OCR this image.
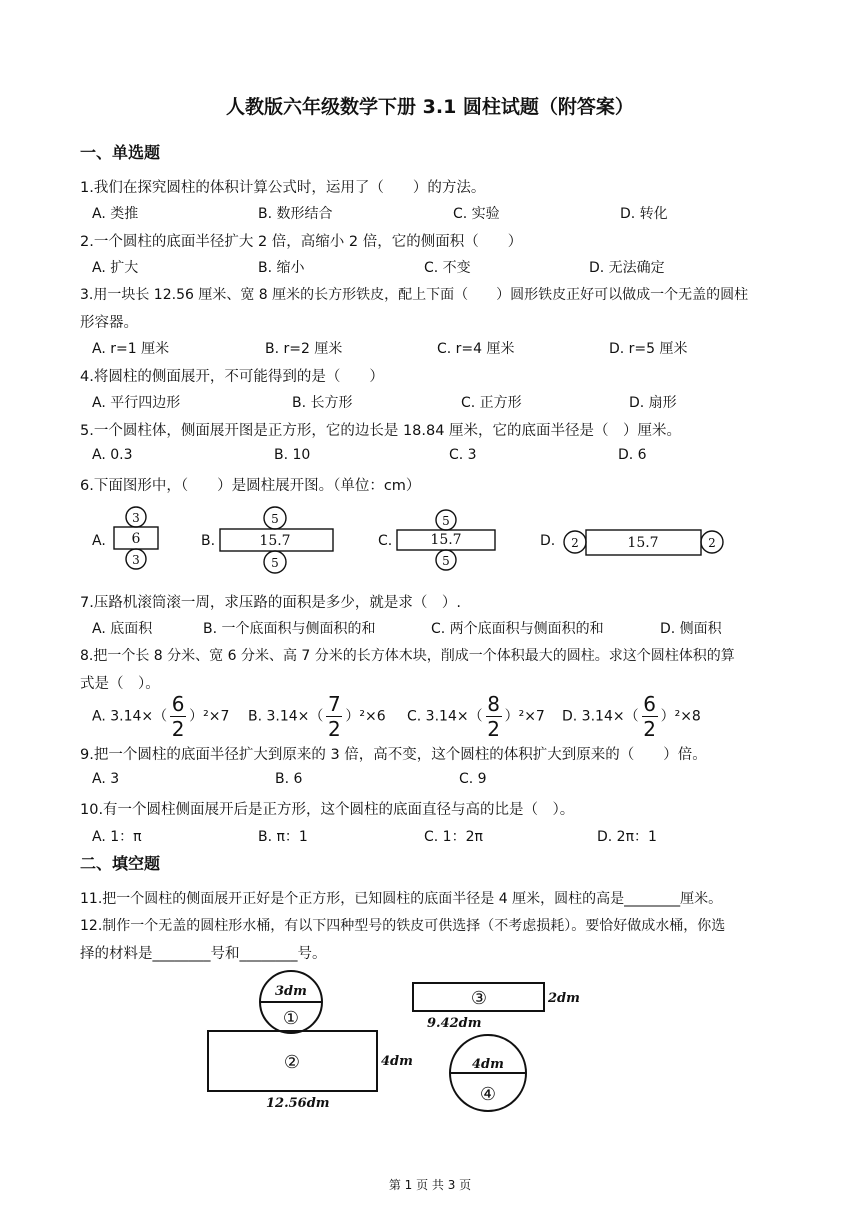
人教版六年级数学下册 3.1 圆柱试题（附答案）
一、单选题
1.我们在探究圆柱的体积计算公式时，运用了（　　）的方法。
A. 类推	B. 数形结合	C. 实验	D. 转化
2.一个圆柱的底面半径扩大 2 倍，高缩小 2 倍，它的侧面积（　　）
A. 扩大	B. 缩小	C. 不变	D. 无法确定
3.用一块长 12.56 厘米、宽 8 厘米的长方形铁皮，配上下面（　　）圆形铁皮正好可以做成一个无盖的圆柱
形容器。
A. r=1 厘米	B. r=2 厘米	C. r=4 厘米	D. r=5 厘米
4.将圆柱的侧面展开，不可能得到的是（　　）
A. 平行四边形	B. 长方形	C. 正方形	D. 扇形
5.一个圆柱体，侧面展开图是正方形，它的边长是 18.84 厘米，它的底面半径是（　）厘米。
A. 0.3	B. 10	C. 3	D. 6
6.下面图形中，（　　）是圆柱展开图。（单位：cm）
A.	B.	C.	D.
3
6
3
5
15.7
5
5
15.7
5
2	15.7	2
7.压路机滚筒滚一周，求压路的面积是多少，就是求（　）.
A. 底面积	B. 一个底面积与侧面积的和	C. 两个底面积与侧面积的和	D. 侧面积
8.把一个长 8 分米、宽 6 分米、高 7 分米的长方体木块，削成一个体积最大的圆柱。求这个圆柱体积的算
式是（　）。
A. $3.14\times( \frac{6}{2} )^2\times 7$ B. $3.14\times( \frac{7}{2} )^2\times 6$ C. $3.14\times( \frac{8}{2} )^2\times 7$ D. $3.14\times( \frac{6}{2} )^2\times 8$
9.把一个圆柱的底面半径扩大到原来的 3 倍，高不变，这个圆柱的体积扩大到原来的（　　）倍。
A. 3	B. 6	C. 9
10.有一个圆柱侧面展开后是正方形，这个圆柱的底面直径与高的比是（　）。
A. 1：π	B. π：1	C. 1：2π	D. 2π：1
二、填空题
11.把一个圆柱的侧面展开正好是个正方形，已知圆柱的底面半径是 4 厘米，圆柱的高是________厘米。
12.制作一个无盖的圆柱形水桶，有以下四种型号的铁皮可供选择（不考虑损耗）。要恰好做成水桶，你选
择的材料是________号和________号。
3dm	2dm
9.42dm
4dm
12.56dm
4dm
①
②
③
④
第 1 页 共 3 页
